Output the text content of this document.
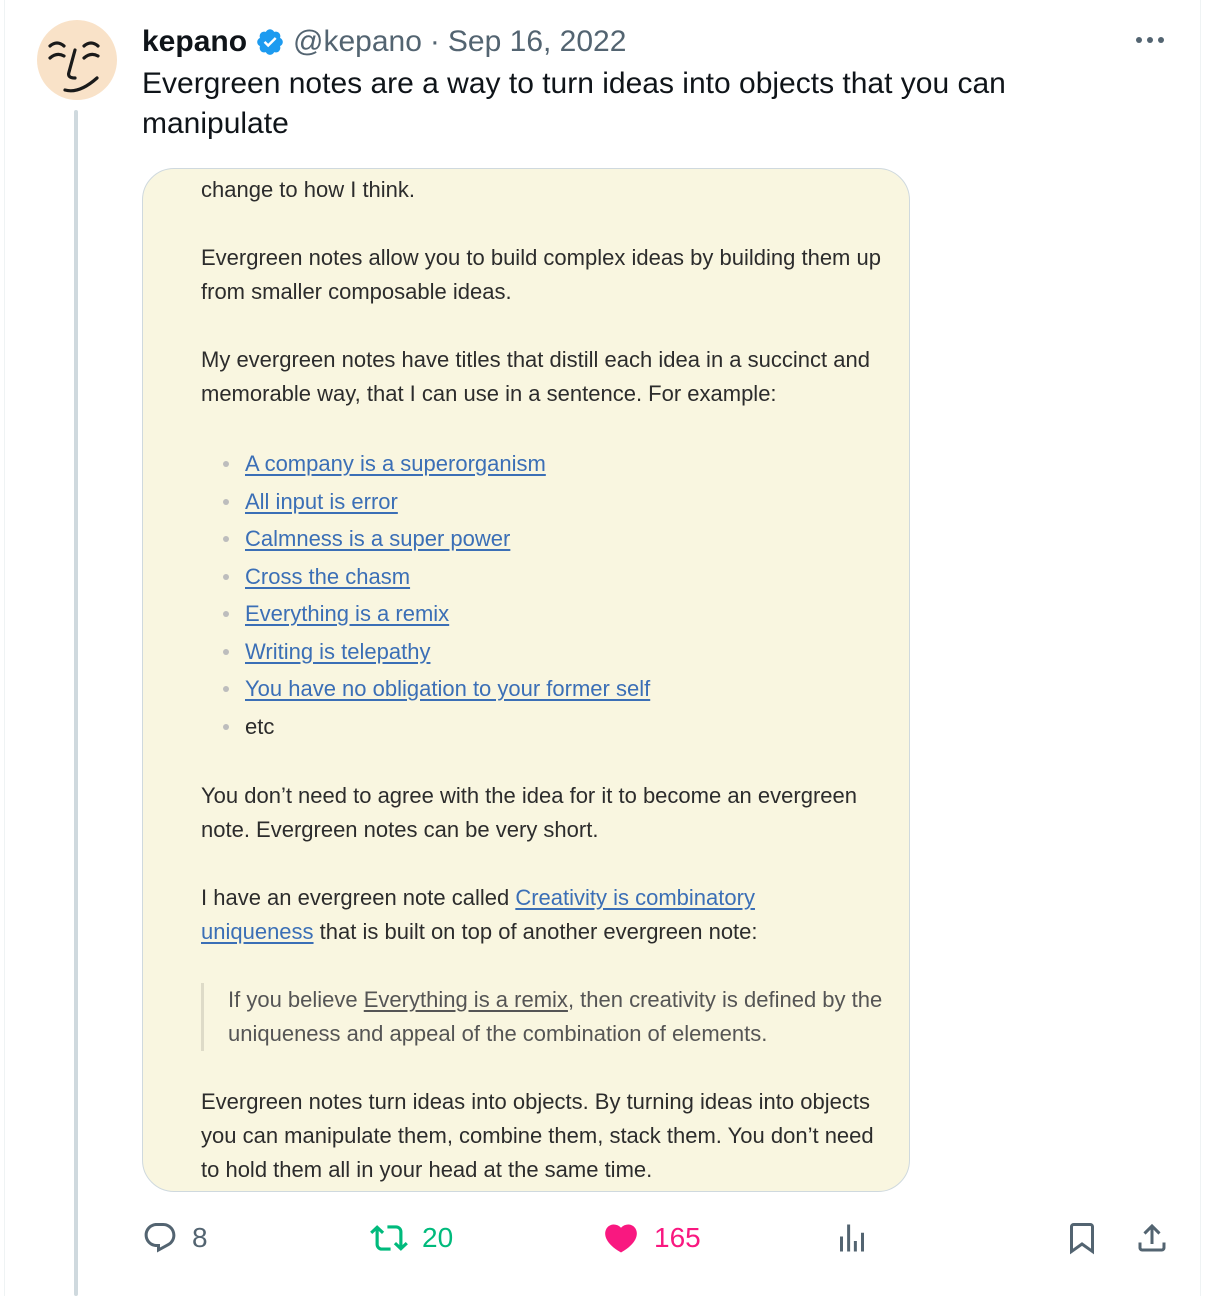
kepano @kepano · Sep 16, 2022
Evergreen notes are a way to turn ideas into objects that you can manipulate

change to how I think.

Evergreen notes allow you to build complex ideas by building them up from smaller composable ideas.

My evergreen notes have titles that distill each idea in a succinct and memorable way, that I can use in a sentence. For example:

A company is a superorganism
All input is error
Calmness is a super power
Cross the chasm
Everything is a remix
Writing is telepathy
You have no obligation to your former self
etc

You don’t need to agree with the idea for it to become an evergreen note. Evergreen notes can be very short.

I have an evergreen note called Creativity is combinatory uniqueness that is built on top of another evergreen note:

If you believe Everything is a remix, then creativity is defined by the uniqueness and appeal of the combination of elements.

Evergreen notes turn ideas into objects. By turning ideas into objects you can manipulate them, combine them, stack them. You don’t need to hold them all in your head at the same time.

8	20	165
